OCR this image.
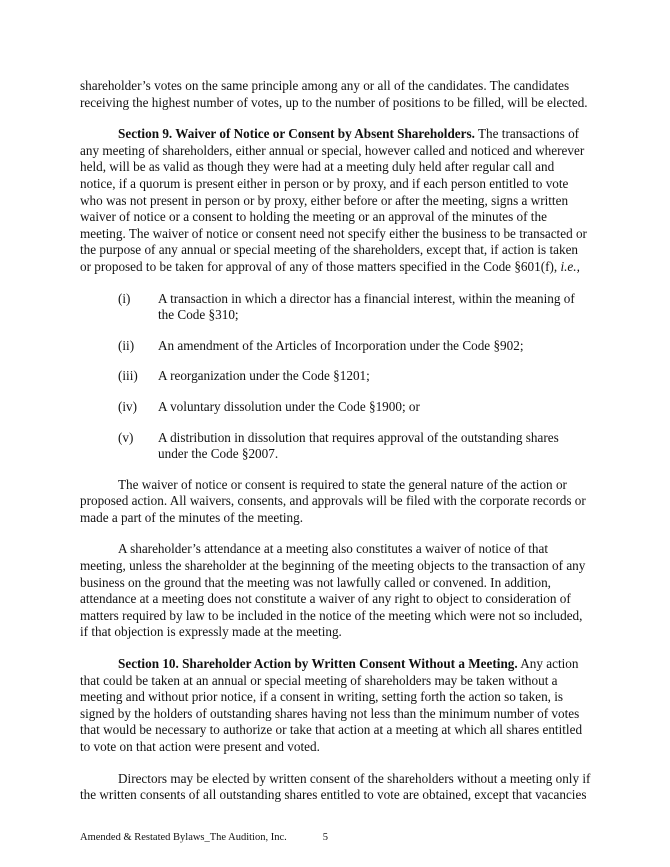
shareholder’s votes on the same principle among any or all of the candidates. The candidates receiving the highest number of votes, up to the number of positions to be filled, will be elected.

Section 9. Waiver of Notice or Consent by Absent Shareholders. The transactions of any meeting of shareholders, either annual or special, however called and noticed and wherever held, will be as valid as though they were had at a meeting duly held after regular call and notice, if a quorum is present either in person or by proxy, and if each person entitled to vote who was not present in person or by proxy, either before or after the meeting, signs a written waiver of notice or a consent to holding the meeting or an approval of the minutes of the meeting. The waiver of notice or consent need not specify either the business to be transacted or the purpose of any annual or special meeting of the shareholders, except that, if action is taken or proposed to be taken for approval of any of those matters specified in the Code §601(f), i.e.,

(i)	A transaction in which a director has a financial interest, within the meaning of the Code §310;
(ii)	An amendment of the Articles of Incorporation under the Code §902;
(iii)	A reorganization under the Code §1201;
(iv)	A voluntary dissolution under the Code §1900; or
(v)	A distribution in dissolution that requires approval of the outstanding shares under the Code §2007.

The waiver of notice or consent is required to state the general nature of the action or proposed action. All waivers, consents, and approvals will be filed with the corporate records or made a part of the minutes of the meeting.

A shareholder’s attendance at a meeting also constitutes a waiver of notice of that meeting, unless the shareholder at the beginning of the meeting objects to the transaction of any business on the ground that the meeting was not lawfully called or convened. In addition, attendance at a meeting does not constitute a waiver of any right to object to consideration of matters required by law to be included in the notice of the meeting which were not so included, if that objection is expressly made at the meeting.

Section 10. Shareholder Action by Written Consent Without a Meeting. Any action that could be taken at an annual or special meeting of shareholders may be taken without a meeting and without prior notice, if a consent in writing, setting forth the action so taken, is signed by the holders of outstanding shares having not less than the minimum number of votes that would be necessary to authorize or take that action at a meeting at which all shares entitled to vote on that action were present and voted.

Directors may be elected by written consent of the shareholders without a meeting only if the written consents of all outstanding shares entitled to vote are obtained, except that vacancies

Amended & Restated Bylaws_The Audition, Inc.	5
